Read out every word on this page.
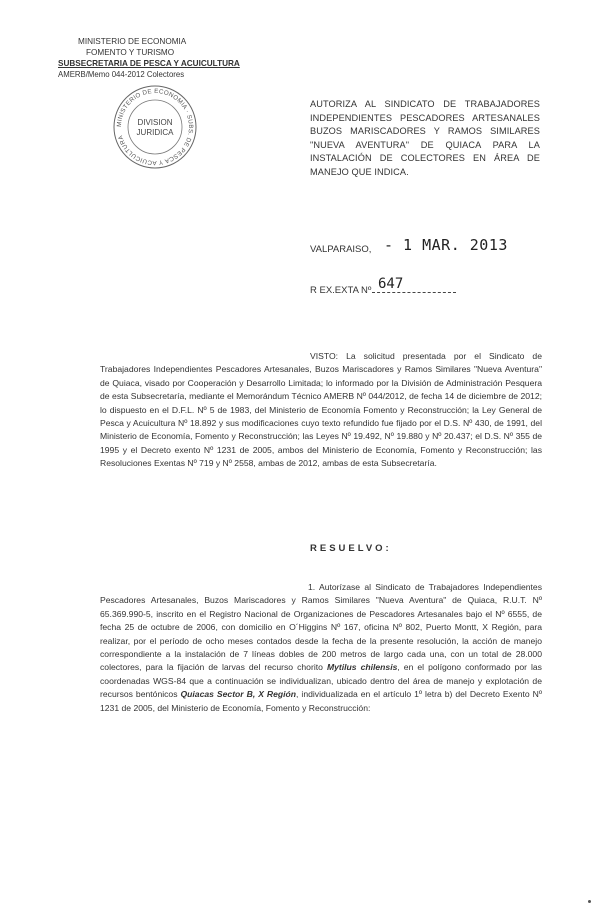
MINISTERIO DE ECONOMIA
FOMENTO Y TURISMO
SUBSECRETARIA DE PESCA Y ACUICULTURA
AMERB/Memo 044-2012 Colectores
MINISTERIO DE ECONOMIA · SUBS. DE PESCA Y ACUICULTURA
DIVISION
JURIDICA
AUTORIZA AL SINDICATO DE TRABAJADORES INDEPENDIENTES PESCADORES ARTESANALES BUZOS MARISCADORES Y RAMOS SIMILARES "NUEVA AVENTURA" DE QUIACA PARA LA INSTALACIÓN DE COLECTORES EN ÁREA DE MANEJO QUE INDICA.
VALPARAISO, - 1 MAR. 2013
R EX.EXTA Nº 647
VISTO: La solicitud presentada por el Sindicato de Trabajadores Independientes Pescadores Artesanales, Buzos Mariscadores y Ramos Similares "Nueva Aventura" de Quiaca, visado por Cooperación y Desarrollo Limitada; lo informado por la División de Administración Pesquera de esta Subsecretaría, mediante el Memorándum Técnico AMERB Nº 044/2012, de fecha 14 de diciembre de 2012; lo dispuesto en el D.F.L. Nº 5 de 1983, del Ministerio de Economía Fomento y Reconstrucción; la Ley General de Pesca y Acuicultura Nº 18.892 y sus modificaciones cuyo texto refundido fue fijado por el D.S. Nº 430, de 1991, del Ministerio de Economía, Fomento y Reconstrucción; las Leyes Nº 19.492, Nº 19.880 y Nº 20.437; el D.S. Nº 355 de 1995 y el Decreto exento Nº 1231 de 2005, ambos del Ministerio de Economía, Fomento y Reconstrucción; las Resoluciones Exentas Nº 719 y Nº 2558, ambas de 2012, ambas de esta Subsecretaría.
RESUELVO:
1. Autorízase al Sindicato de Trabajadores Independientes Pescadores Artesanales, Buzos Mariscadores y Ramos Similares "Nueva Aventura" de Quiaca, R.U.T. Nº 65.369.990-5, inscrito en el Registro Nacional de Organizaciones de Pescadores Artesanales bajo el Nº 6555, de fecha 25 de octubre de 2006, con domicilio en O´Higgins Nº 167, oficina Nº 802, Puerto Montt, X Región, para realizar, por el período de ocho meses contados desde la fecha de la presente resolución, la acción de manejo correspondiente a la instalación de 7 líneas dobles de 200 metros de largo cada una, con un total de 28.000 colectores, para la fijación de larvas del recurso chorito Mytilus chilensis, en el polígono conformado por las coordenadas WGS-84 que a continuación se individualizan, ubicado dentro del área de manejo y explotación de recursos bentónicos Quiacas Sector B, X Región, individualizada en el artículo 1º letra b) del Decreto Exento Nº 1231 de 2005, del Ministerio de Economía, Fomento y Reconstrucción:
